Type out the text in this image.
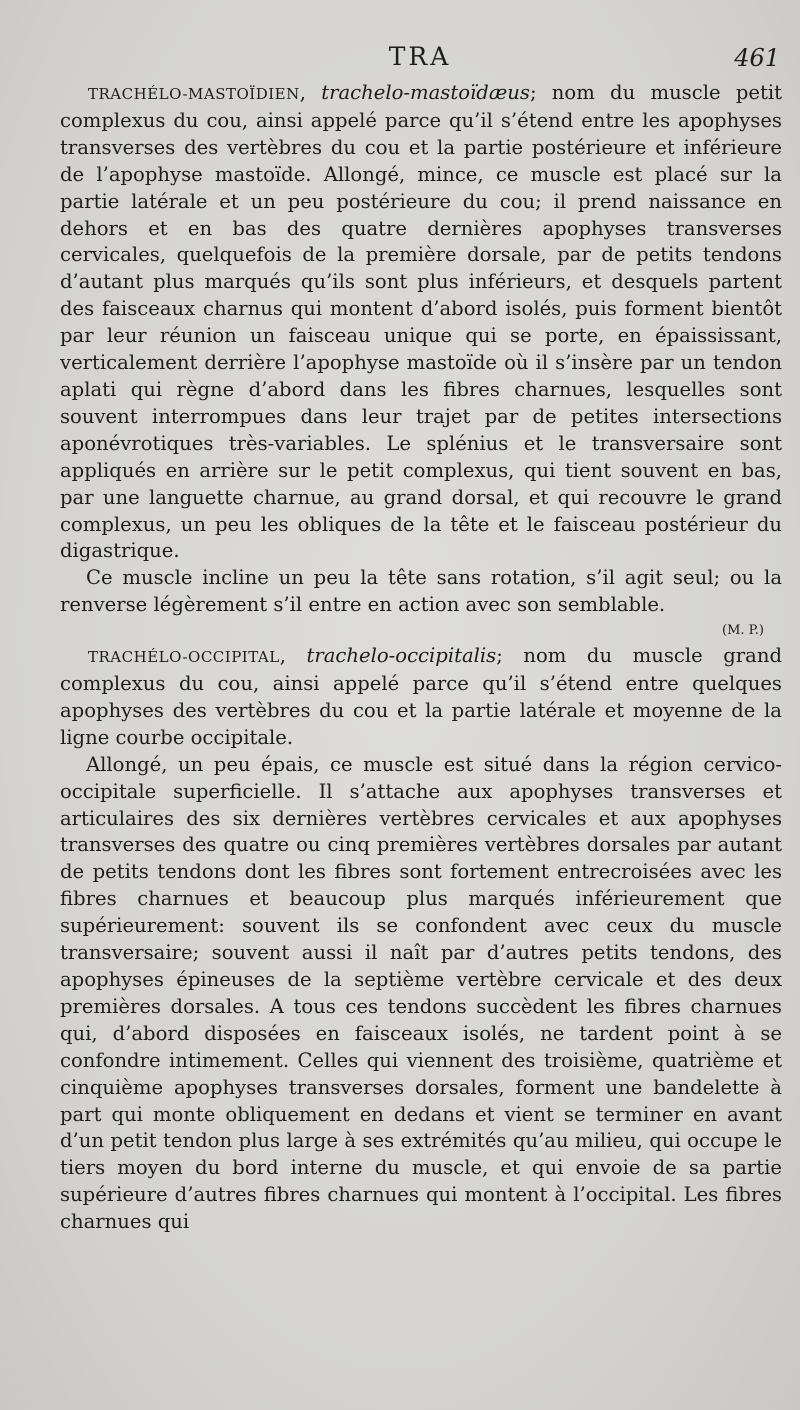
TRA	461

TRACHÉLO-MASTOÏDIEN, trachelo-mastoïdæus; nom du muscle petit complexus du cou, ainsi appelé parce qu’il s’étend entre les apophyses transverses des vertèbres du cou et la partie postérieure et inférieure de l’apophyse mastoïde. Allongé, mince, ce muscle est placé sur la partie latérale et un peu postérieure du cou; il prend naissance en dehors et en bas des quatre dernières apophyses transverses cervicales, quelquefois de la première dorsale, par de petits tendons d’autant plus marqués qu’ils sont plus inférieurs, et desquels partent des faisceaux charnus qui montent d’abord isolés, puis forment bientôt par leur réunion un faisceau unique qui se porte, en épaississant, verticalement derrière l’apophyse mastoïde où il s’insère par un tendon aplati qui règne d’abord dans les fibres charnues, lesquelles sont souvent interrompues dans leur trajet par de petites intersections aponévrotiques très-variables. Le splénius et le transversaire sont appliqués en arrière sur le petit complexus, qui tient souvent en bas, par une languette charnue, au grand dorsal, et qui recouvre le grand complexus, un peu les obliques de la tête et le faisceau postérieur du digastrique.

Ce muscle incline un peu la tête sans rotation, s’il agit seul; ou la renverse légèrement s’il entre en action avec son semblable.

(M. P.)

TRACHÉLO-OCCIPITAL, trachelo-occipitalis; nom du muscle grand complexus du cou, ainsi appelé parce qu’il s’étend entre quelques apophyses des vertèbres du cou et la partie latérale et moyenne de la ligne courbe occipitale.

Allongé, un peu épais, ce muscle est situé dans la région cervico-occipitale superficielle. Il s’attache aux apophyses transverses et articulaires des six dernières vertèbres cervicales et aux apophyses transverses des quatre ou cinq premières vertèbres dorsales par autant de petits tendons dont les fibres sont fortement entrecroisées avec les fibres charnues et beaucoup plus marqués inférieurement que supérieurement: souvent ils se confondent avec ceux du muscle transversaire; souvent aussi il naît par d’autres petits tendons, des apophyses épineuses de la septième vertèbre cervicale et des deux premières dorsales. A tous ces tendons succèdent les fibres charnues qui, d’abord disposées en faisceaux isolés, ne tardent point à se confondre intimement. Celles qui viennent des troisième, quatrième et cinquième apophyses transverses dorsales, forment une bandelette à part qui monte obliquement en dedans et vient se terminer en avant d’un petit tendon plus large à ses extrémités qu’au milieu, qui occupe le tiers moyen du bord interne du muscle, et qui envoie de sa partie supérieure d’autres fibres charnues qui montent à l’occipital. Les fibres charnues qui
